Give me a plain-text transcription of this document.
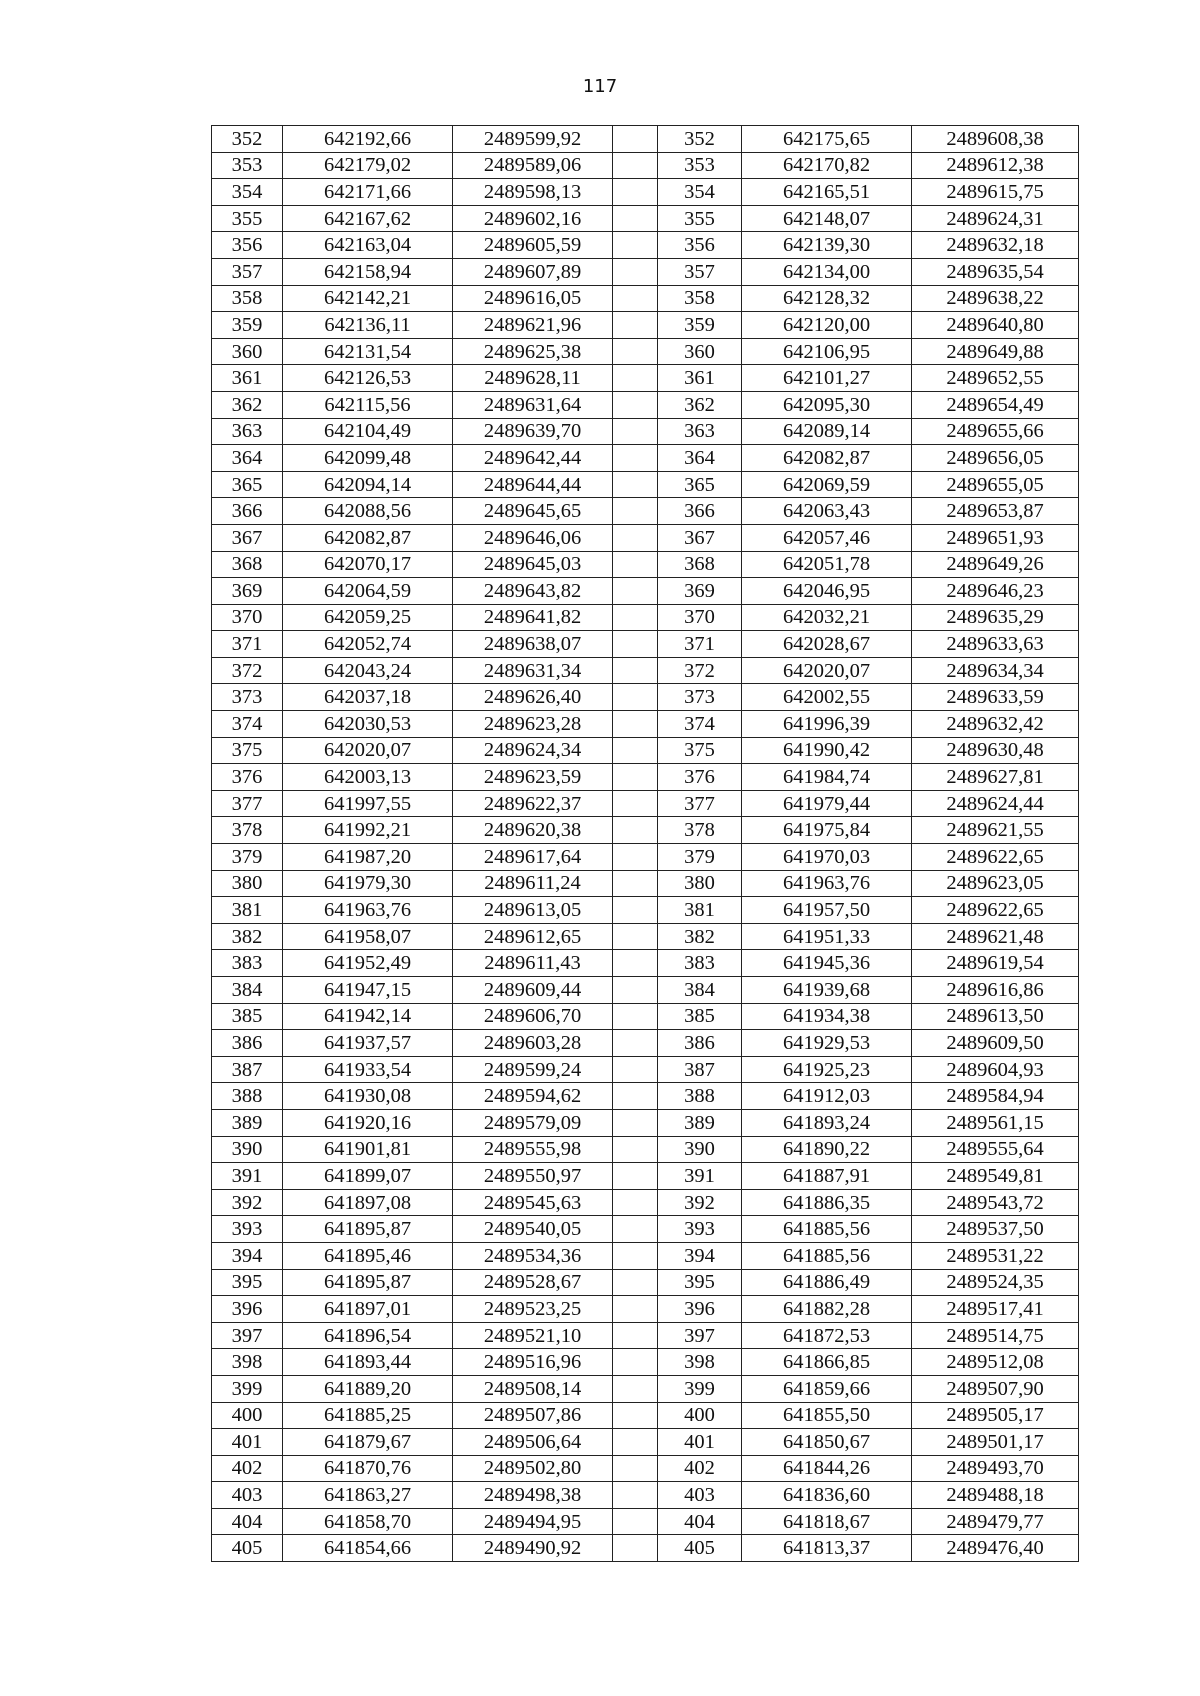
117
352	642192,66	2489599,92		352	642175,65	2489608,38
353	642179,02	2489589,06		353	642170,82	2489612,38
354	642171,66	2489598,13		354	642165,51	2489615,75
355	642167,62	2489602,16		355	642148,07	2489624,31
356	642163,04	2489605,59		356	642139,30	2489632,18
357	642158,94	2489607,89		357	642134,00	2489635,54
358	642142,21	2489616,05		358	642128,32	2489638,22
359	642136,11	2489621,96		359	642120,00	2489640,80
360	642131,54	2489625,38		360	642106,95	2489649,88
361	642126,53	2489628,11		361	642101,27	2489652,55
362	642115,56	2489631,64		362	642095,30	2489654,49
363	642104,49	2489639,70		363	642089,14	2489655,66
364	642099,48	2489642,44		364	642082,87	2489656,05
365	642094,14	2489644,44		365	642069,59	2489655,05
366	642088,56	2489645,65		366	642063,43	2489653,87
367	642082,87	2489646,06		367	642057,46	2489651,93
368	642070,17	2489645,03		368	642051,78	2489649,26
369	642064,59	2489643,82		369	642046,95	2489646,23
370	642059,25	2489641,82		370	642032,21	2489635,29
371	642052,74	2489638,07		371	642028,67	2489633,63
372	642043,24	2489631,34		372	642020,07	2489634,34
373	642037,18	2489626,40		373	642002,55	2489633,59
374	642030,53	2489623,28		374	641996,39	2489632,42
375	642020,07	2489624,34		375	641990,42	2489630,48
376	642003,13	2489623,59		376	641984,74	2489627,81
377	641997,55	2489622,37		377	641979,44	2489624,44
378	641992,21	2489620,38		378	641975,84	2489621,55
379	641987,20	2489617,64		379	641970,03	2489622,65
380	641979,30	2489611,24		380	641963,76	2489623,05
381	641963,76	2489613,05		381	641957,50	2489622,65
382	641958,07	2489612,65		382	641951,33	2489621,48
383	641952,49	2489611,43		383	641945,36	2489619,54
384	641947,15	2489609,44		384	641939,68	2489616,86
385	641942,14	2489606,70		385	641934,38	2489613,50
386	641937,57	2489603,28		386	641929,53	2489609,50
387	641933,54	2489599,24		387	641925,23	2489604,93
388	641930,08	2489594,62		388	641912,03	2489584,94
389	641920,16	2489579,09		389	641893,24	2489561,15
390	641901,81	2489555,98		390	641890,22	2489555,64
391	641899,07	2489550,97		391	641887,91	2489549,81
392	641897,08	2489545,63		392	641886,35	2489543,72
393	641895,87	2489540,05		393	641885,56	2489537,50
394	641895,46	2489534,36		394	641885,56	2489531,22
395	641895,87	2489528,67		395	641886,49	2489524,35
396	641897,01	2489523,25		396	641882,28	2489517,41
397	641896,54	2489521,10		397	641872,53	2489514,75
398	641893,44	2489516,96		398	641866,85	2489512,08
399	641889,20	2489508,14		399	641859,66	2489507,90
400	641885,25	2489507,86		400	641855,50	2489505,17
401	641879,67	2489506,64		401	641850,67	2489501,17
402	641870,76	2489502,80		402	641844,26	2489493,70
403	641863,27	2489498,38		403	641836,60	2489488,18
404	641858,70	2489494,95		404	641818,67	2489479,77
405	641854,66	2489490,92		405	641813,37	2489476,40
